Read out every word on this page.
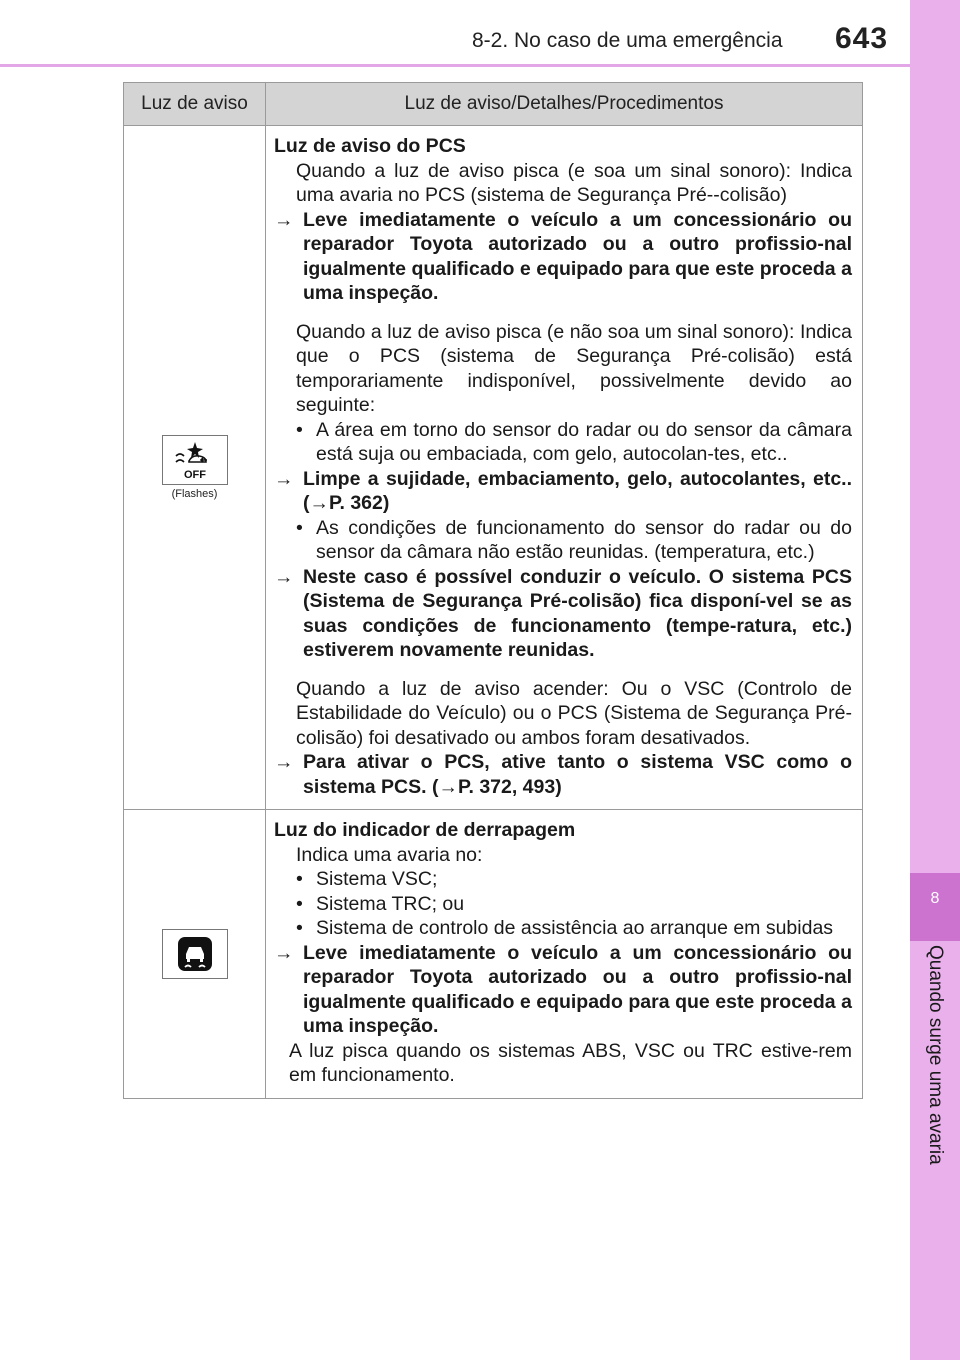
8-2. No caso de uma emergência 643
8
Quando surge uma avaria
Luz de aviso	Luz de aviso/Detalhes/Procedimentos
OFF
(Flashes)

Luz de aviso do PCS

Quando a luz de aviso pisca (e soa um sinal sonoro): Indica uma avaria no PCS (sistema de Segurança Pré--colisão)

→ Leve imediatamente o veículo a um concessionário ou reparador Toyota autorizado ou a outro profissio-nal igualmente qualificado e equipado para que este proceda a uma inspeção.

Quando a luz de aviso pisca (e não soa um sinal sonoro): Indica que o PCS (sistema de Segurança Pré-colisão) está temporariamente indisponível, possivelmente devido ao seguinte:

• A área em torno do sensor do radar ou do sensor da câmara está suja ou embaciada, com gelo, autocolan-tes, etc..

→ Limpe a sujidade, embaciamento, gelo, autocolantes, etc.. (→P. 362)

• As condições de funcionamento do sensor do radar ou do sensor da câmara não estão reunidas. (temperatura, etc.)

→ Neste caso é possível conduzir o veículo. O sistema PCS (Sistema de Segurança Pré-colisão) fica disponí-vel se as suas condições de funcionamento (tempe-ratura, etc.) estiverem novamente reunidas.

Quando a luz de aviso acender: Ou o VSC (Controlo de Estabilidade do Veículo) ou o PCS (Sistema de Segurança Pré-colisão) foi desativado ou ambos foram desativados.

→ Para ativar o PCS, ative tanto o sistema VSC como o sistema PCS. (→P. 372, 493)

Luz do indicador de derrapagem

Indica uma avaria no:

• Sistema VSC;

• Sistema TRC; ou

• Sistema de controlo de assistência ao arranque em subidas

→ Leve imediatamente o veículo a um concessionário ou reparador Toyota autorizado ou a outro profissio-nal igualmente qualificado e equipado para que este proceda a uma inspeção.

A luz pisca quando os sistemas ABS, VSC ou TRC estive-rem em funcionamento.
